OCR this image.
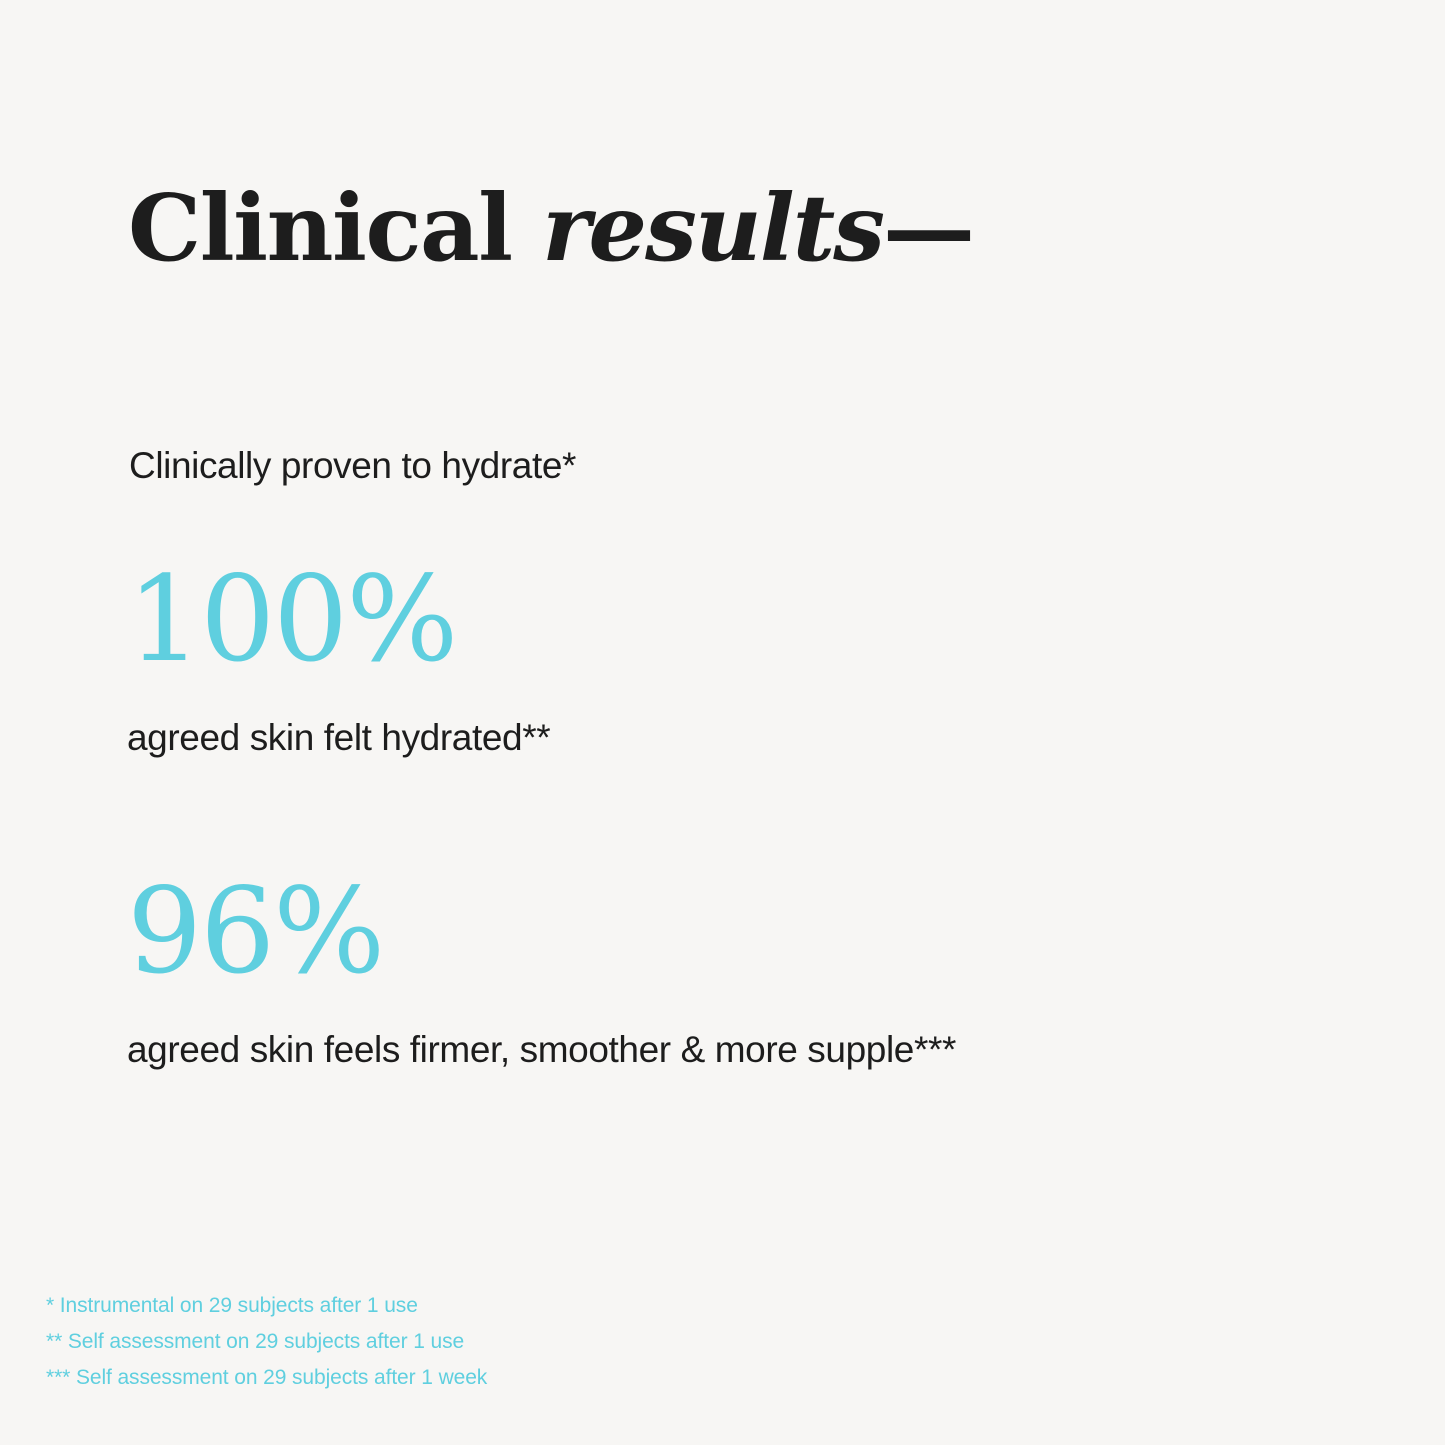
Clinical results—

Clinically proven to hydrate*

100%

agreed skin felt hydrated**

96%

agreed skin feels firmer, smoother & more supple***

* Instrumental on 29 subjects after 1 use

** Self assessment on 29 subjects after 1 use

*** Self assessment on 29 subjects after 1 week
